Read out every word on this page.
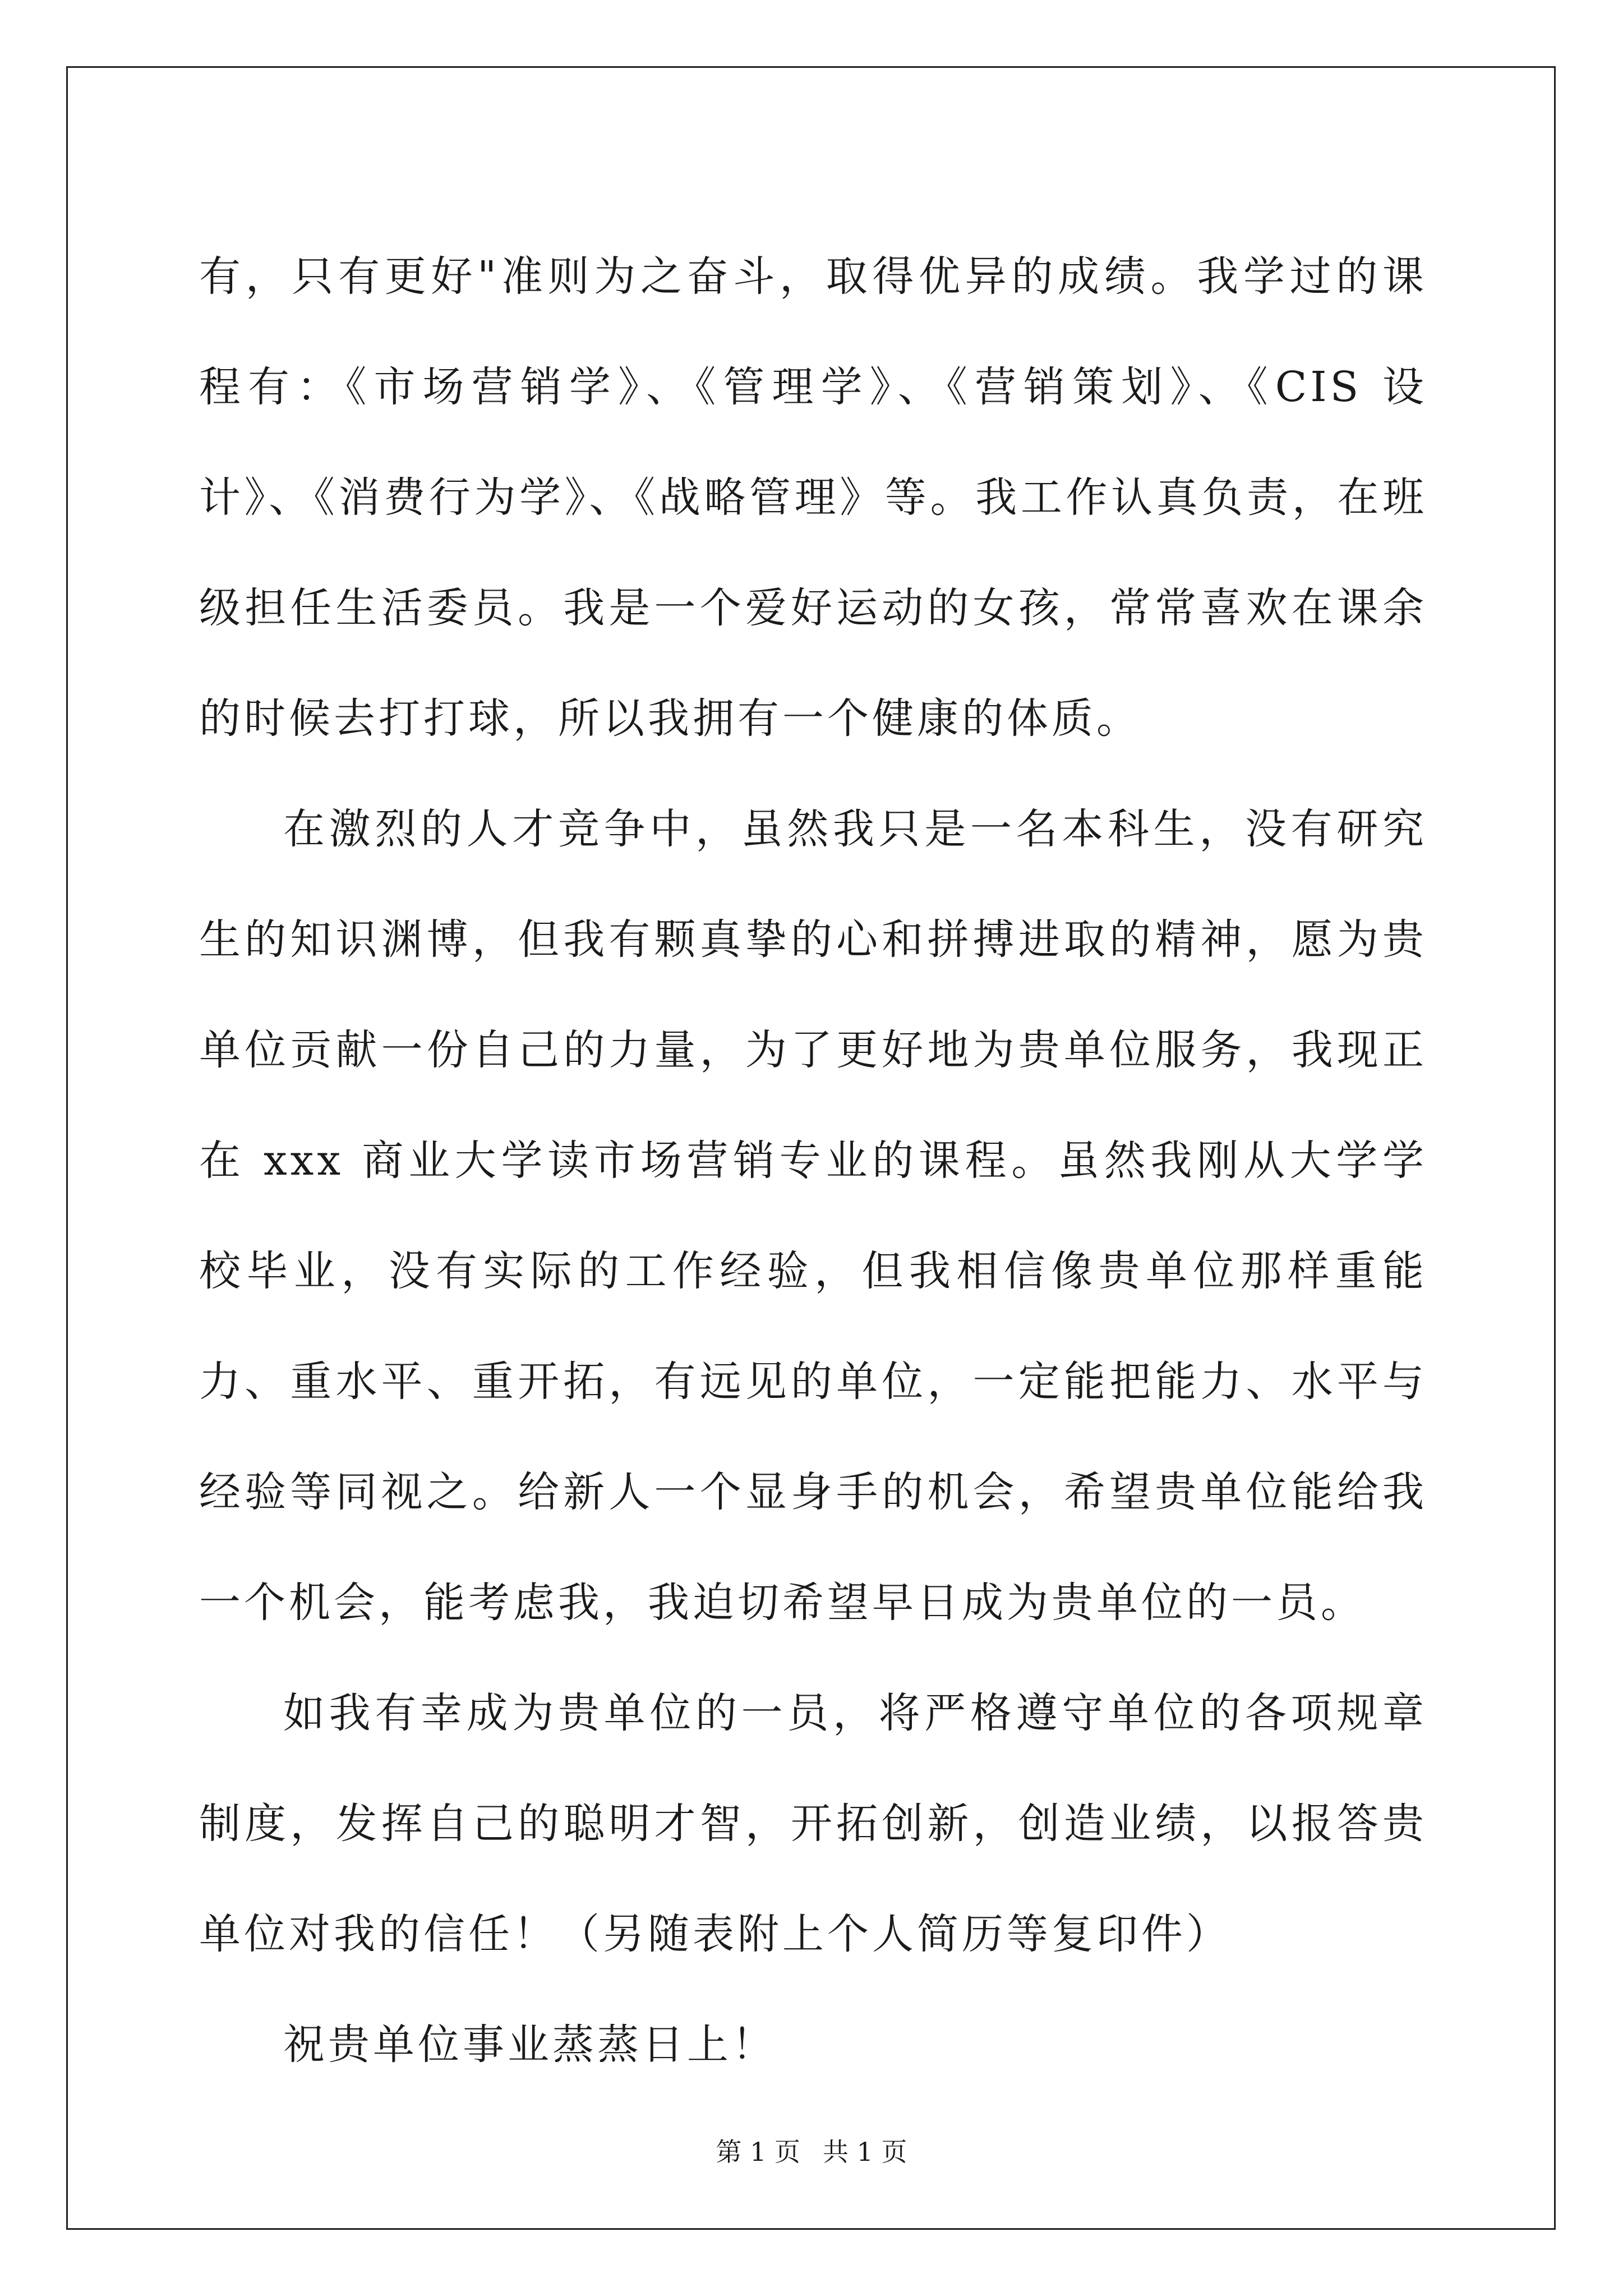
有，只有更好"准则为之奋斗，取得优异的成绩。我学过的课程有：《市场营销学》、《管理学》、《营销策划》、《CIS 设计》、《消费行为学》、《战略管理》等。我工作认真负责，在班级担任生活委员。我是一个爱好运动的女孩，常常喜欢在课余的时候去打打球，所以我拥有一个健康的体质。

在激烈的人才竞争中，虽然我只是一名本科生，没有研究生的知识渊博，但我有颗真挚的心和拼搏进取的精神，愿为贵单位贡献一份自己的力量，为了更好地为贵单位服务，我现正在 xxx 商业大学读市场营销专业的课程。虽然我刚从大学学校毕业，没有实际的工作经验，但我相信像贵单位那样重能力、重水平、重开拓，有远见的单位，一定能把能力、水平与经验等同视之。给新人一个显身手的机会，希望贵单位能给我一个机会，能考虑我，我迫切希望早日成为贵单位的一员。

如我有幸成为贵单位的一员，将严格遵守单位的各项规章制度，发挥自己的聪明才智，开拓创新，创造业绩，以报答贵单位对我的信任！（另随表附上个人简历等复印件）

祝贵单位事业蒸蒸日上！

第 1 页 共 1 页
